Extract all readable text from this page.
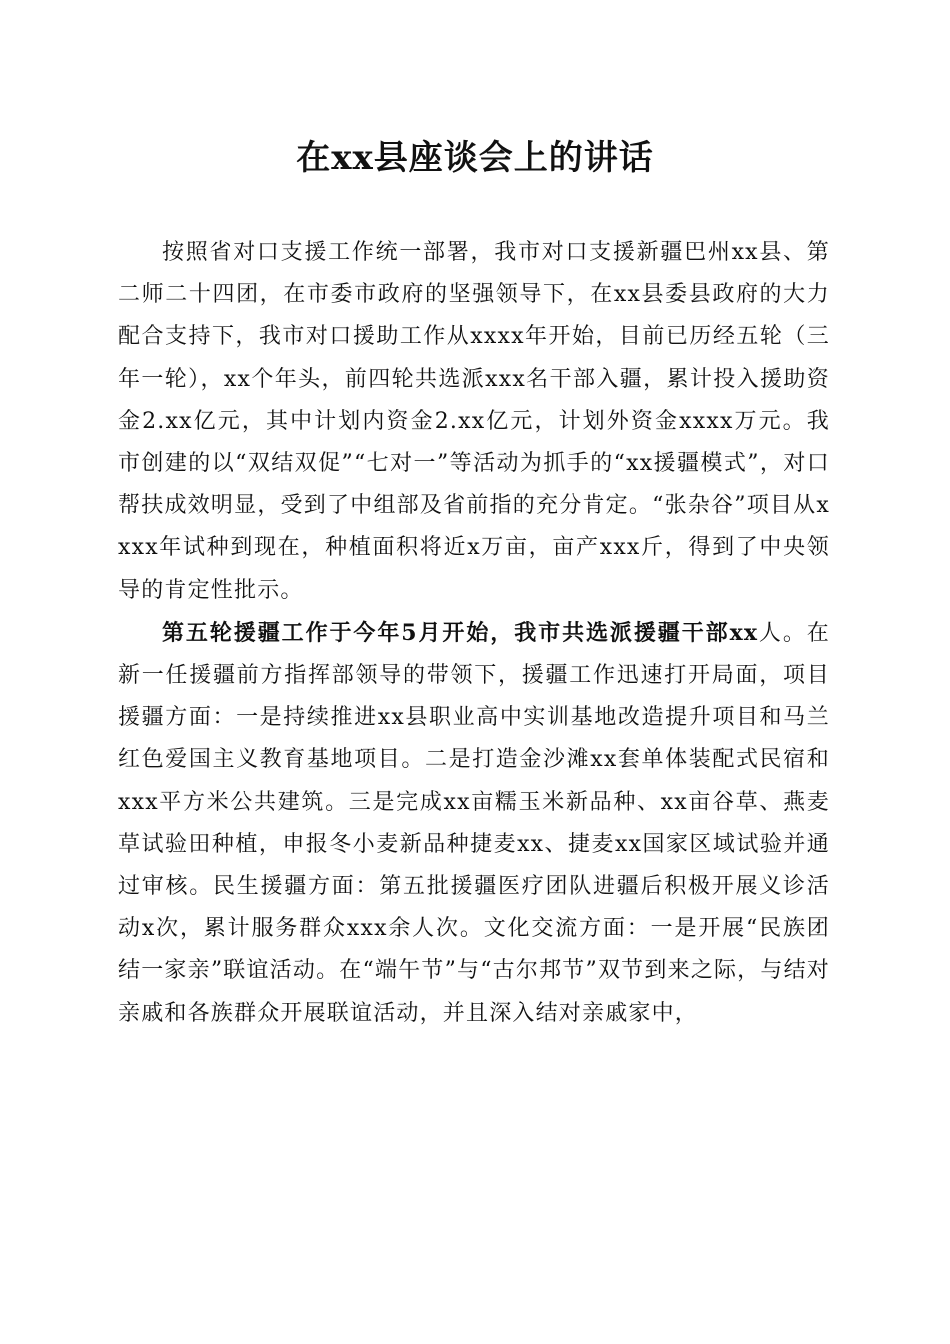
在xx县座谈会上的讲话

按照省对口支援工作统一部署，我市对口支援新疆巴州xx县、第二师二十四团，在市委市政府的坚强领导下，在xx县委县政府的大力配合支持下，我市对口援助工作从xxxx年开始，目前已历经五轮（三年一轮），xx个年头，前四轮共选派xxx名干部入疆，累计投入援助资金2.xx亿元，其中计划内资金2.xx亿元，计划外资金xxxx万元。我市创建的以“双结双促”“七对一”等活动为抓手的“xx援疆模式”，对口帮扶成效明显，受到了中组部及省前指的充分肯定。“张杂谷”项目从xxxx年试种到现在，种植面积将近x万亩，亩产xxx斤，得到了中央领导的肯定性批示。

第五轮援疆工作于今年5月开始，我市共选派援疆干部xx人。在新一任援疆前方指挥部领导的带领下，援疆工作迅速打开局面，项目援疆方面：一是持续推进xx县职业高中实训基地改造提升项目和马兰红色爱国主义教育基地项目。二是打造金沙滩xx套单体装配式民宿和xxx平方米公共建筑。三是完成xx亩糯玉米新品种、xx亩谷草、燕麦草试验田种植，申报冬小麦新品种捷麦xx、捷麦xx国家区域试验并通过审核。民生援疆方面：第五批援疆医疗团队进疆后积极开展义诊活动x次，累计服务群众xxx余人次。文化交流方面：一是开展“民族团结一家亲”联谊活动。在“端午节”与“古尔邦节”双节到来之际，与结对亲戚和各族群众开展联谊活动，并且深入结对亲戚家中，
